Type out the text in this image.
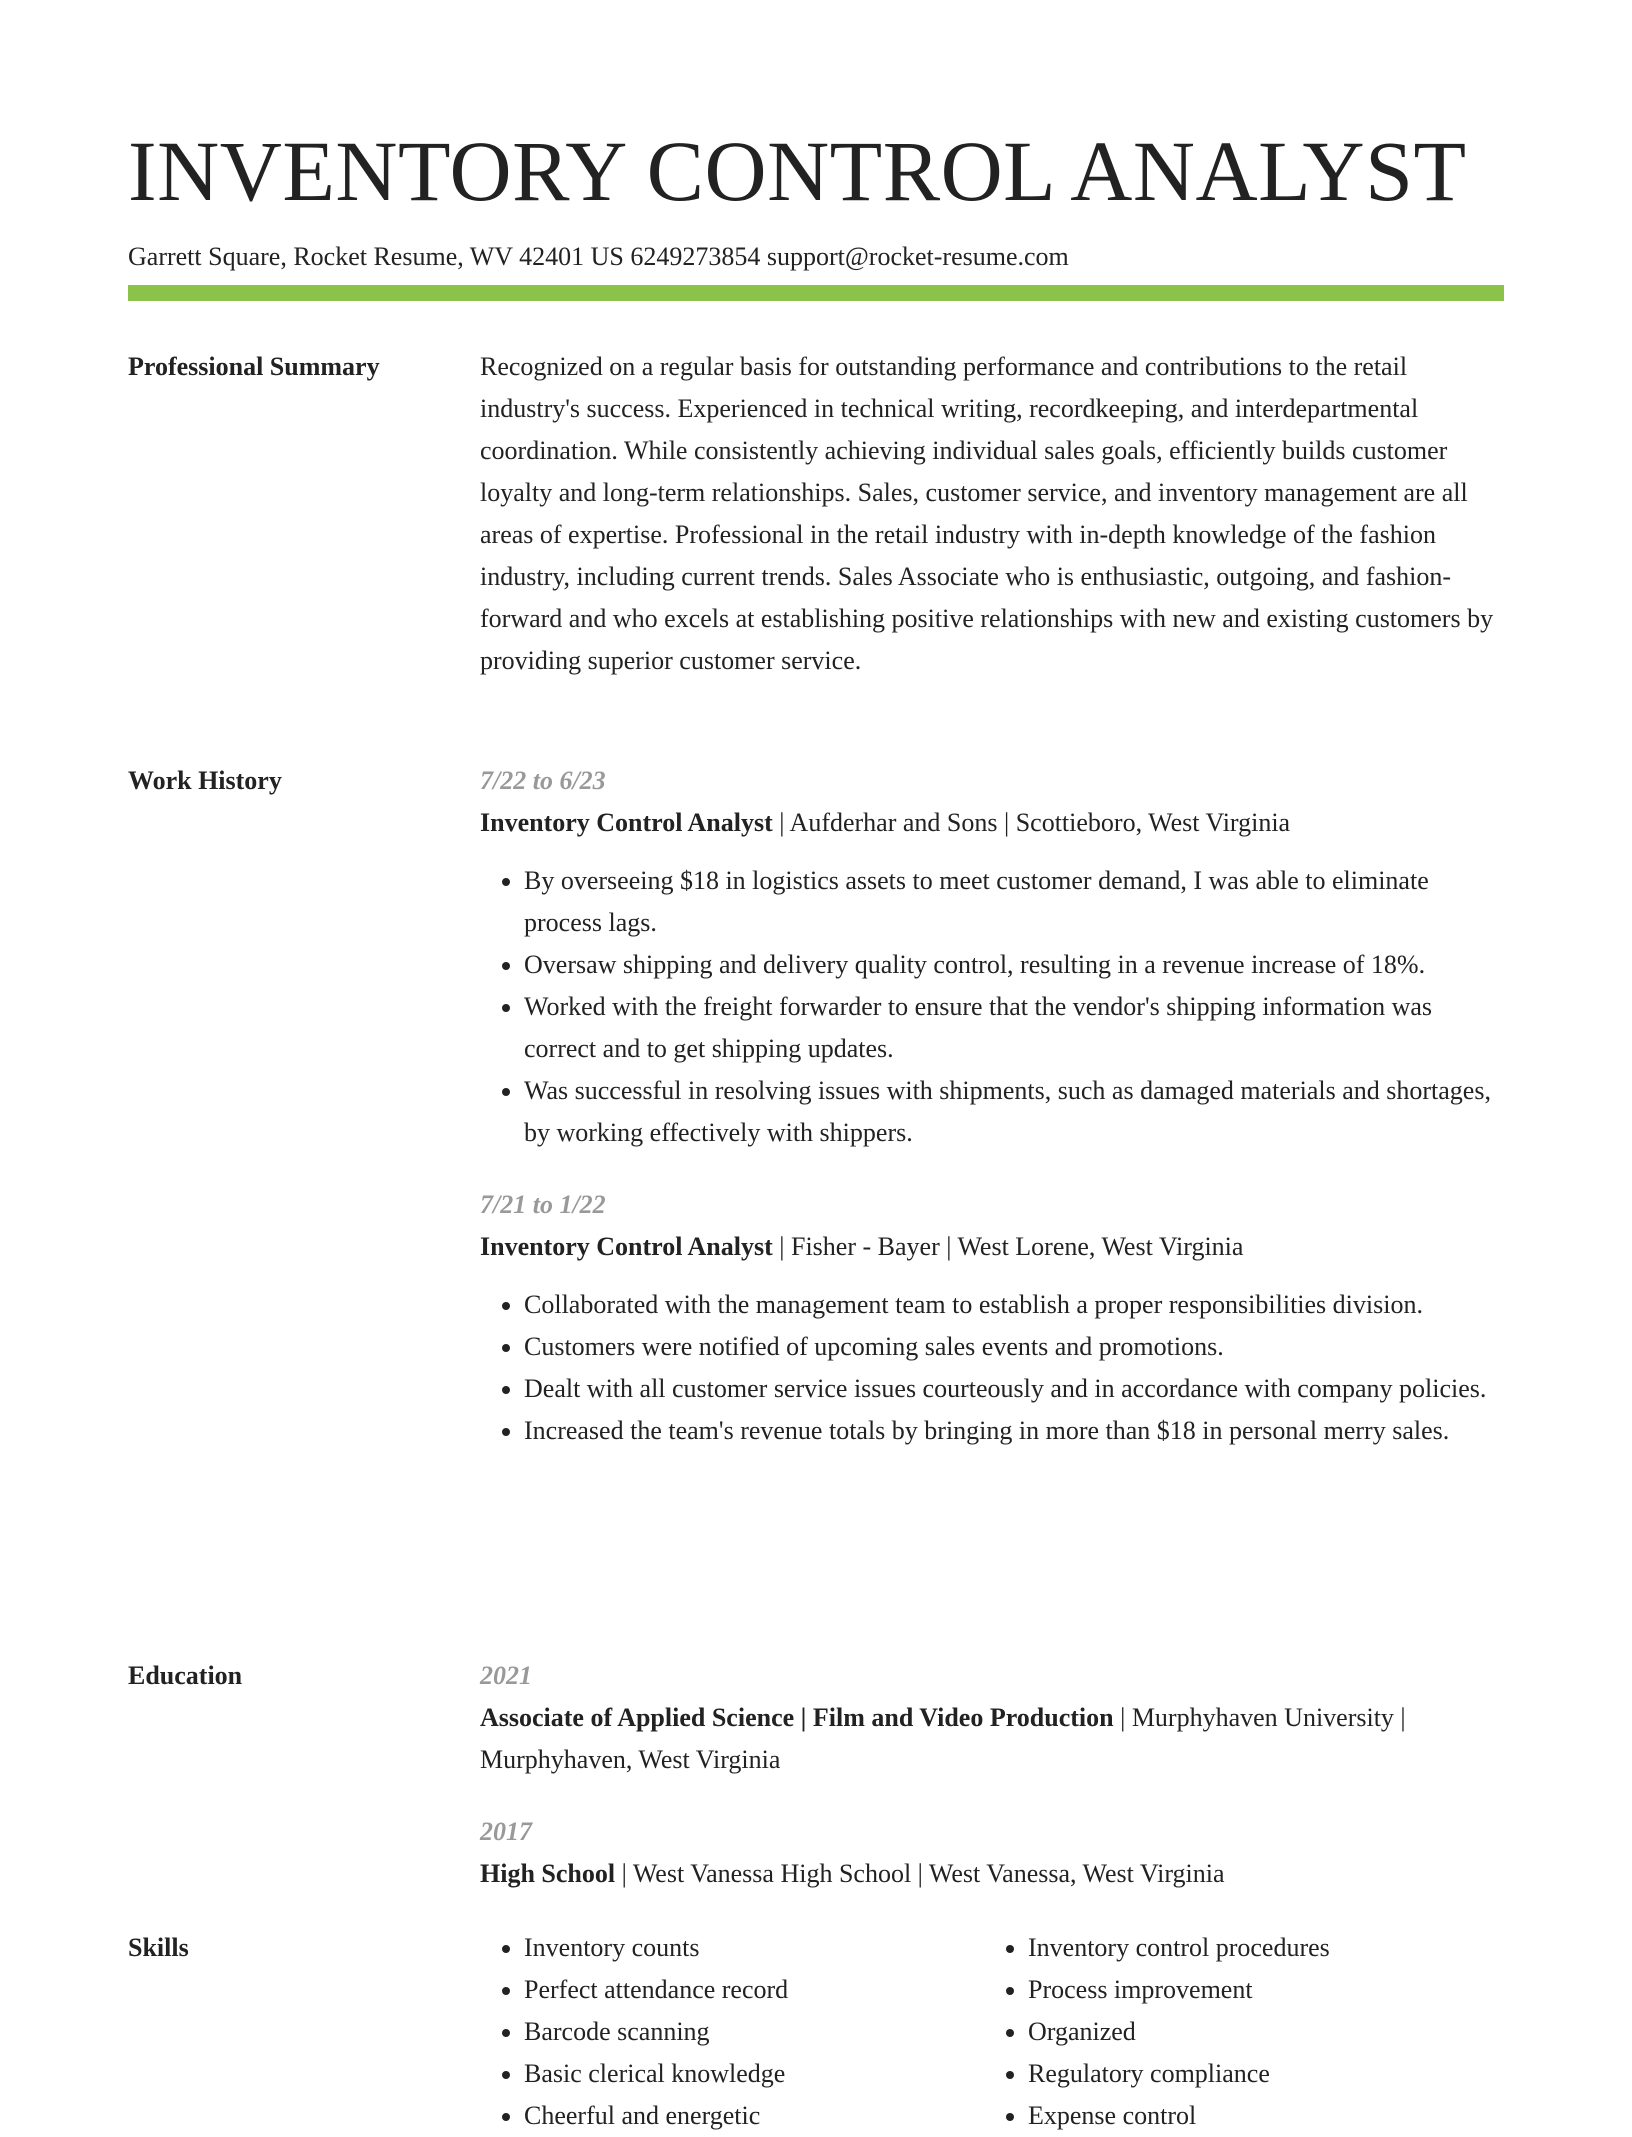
INVENTORY CONTROL ANALYST
Garrett Square, Rocket Resume, WV 42401 US 6249273854 support@rocket-resume.com
Professional Summary	Recognized on a regular basis for outstanding performance and contributions to the retail industry's success. Experienced in technical writing, recordkeeping, and interdepartmental coordination. While consistently achieving individual sales goals, efficiently builds customer loyalty and long-term relationships. Sales, customer service, and inventory management are all areas of expertise. Professional in the retail industry with in-depth knowledge of the fashion industry, including current trends. Sales Associate who is enthusiastic, outgoing, and fashion-forward and who excels at establishing positive relationships with new and existing customers by providing superior customer service.

Work History	7/22 to 6/23
Inventory Control Analyst | Aufderhar and Sons | Scottieboro, West Virginia
• By overseeing $18 in logistics assets to meet customer demand, I was able to eliminate process lags.
• Oversaw shipping and delivery quality control, resulting in a revenue increase of 18%.
• Worked with the freight forwarder to ensure that the vendor's shipping information was correct and to get shipping updates.
• Was successful in resolving issues with shipments, such as damaged materials and shortages, by working effectively with shippers.
7/21 to 1/22
Inventory Control Analyst | Fisher - Bayer | West Lorene, West Virginia
• Collaborated with the management team to establish a proper responsibilities division.
• Customers were notified of upcoming sales events and promotions.
• Dealt with all customer service issues courteously and in accordance with company policies.
• Increased the team's revenue totals by bringing in more than $18 in personal merry sales.
Education	2021
Associate of Applied Science | Film and Video Production | Murphyhaven University | Murphyhaven, West Virginia
2017
High School | West Vanessa High School | West Vanessa, West Virginia
Skills
•	Inventory counts
• Perfect attendance record
• Barcode scanning
• Basic clerical knowledge
• Cheerful and energetic
• Inventory control procedures
• Process improvement
• Organized
• Regulatory compliance
• Expense control
